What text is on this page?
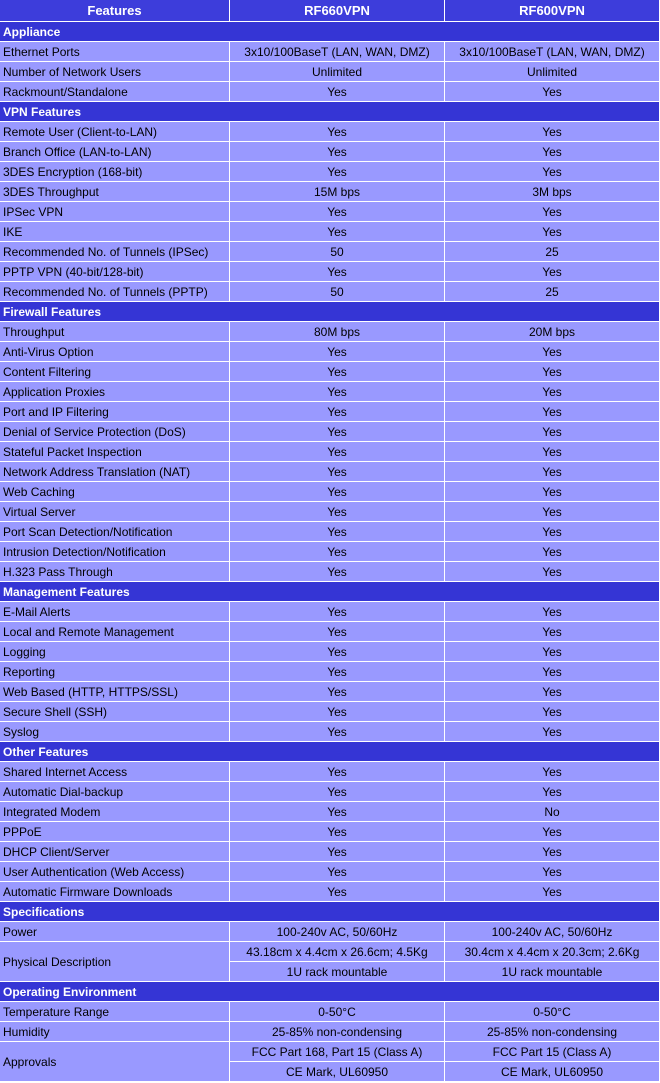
Features	RF660VPN	RF600VPN
Appliance		
Ethernet Ports	3x10/100BaseT (LAN, WAN, DMZ)	3x10/100BaseT (LAN, WAN, DMZ)
Number of Network Users	Unlimited	Unlimited
Rackmount/Standalone	Yes	Yes
VPN Features		
Remote User (Client-to-LAN)	Yes	Yes
Branch Office (LAN-to-LAN)	Yes	Yes
3DES Encryption (168-bit)	Yes	Yes
3DES Throughput	15M bps	3M bps
IPSec VPN	Yes	Yes
IKE	Yes	Yes
Recommended No. of Tunnels (IPSec)	50	25
PPTP VPN (40-bit/128-bit)	Yes	Yes
Recommended No. of Tunnels (PPTP)	50	25
Firewall Features		
Throughput	80M bps	20M bps
Anti-Virus Option	Yes	Yes
Content Filtering	Yes	Yes
Application Proxies	Yes	Yes
Port and IP Filtering	Yes	Yes
Denial of Service Protection (DoS)	Yes	Yes
Stateful Packet Inspection	Yes	Yes
Network Address Translation (NAT)	Yes	Yes
Web Caching	Yes	Yes
Virtual Server	Yes	Yes
Port Scan Detection/Notification	Yes	Yes
Intrusion Detection/Notification	Yes	Yes
H.323 Pass Through	Yes	Yes
Management Features		
E-Mail Alerts	Yes	Yes
Local and Remote Management	Yes	Yes
Logging	Yes	Yes
Reporting	Yes	Yes
Web Based (HTTP, HTTPS/SSL)	Yes	Yes
Secure Shell (SSH)	Yes	Yes
Syslog	Yes	Yes
Other Features		
Shared Internet Access	Yes	Yes
Automatic Dial-backup	Yes	Yes
Integrated Modem	Yes	No
PPPoE	Yes	Yes
DHCP Client/Server	Yes	Yes
User Authentication (Web Access)	Yes	Yes
Automatic Firmware Downloads	Yes	Yes
Specifications		
Power	100-240v AC, 50/60Hz	100-240v AC, 50/60Hz
Physical Description	43.18cm x 4.4cm x 26.6cm; 4.5Kg	30.4cm x 4.4cm x 20.3cm; 2.6Kg
	1U rack mountable	1U rack mountable
Operating Environment		
Temperature Range	0-50°C	0-50°C
Humidity	25-85% non-condensing	25-85% non-condensing
Approvals	FCC Part 168, Part 15 (Class A)	FCC Part 15 (Class A)
	CE Mark, UL60950	CE Mark, UL60950
